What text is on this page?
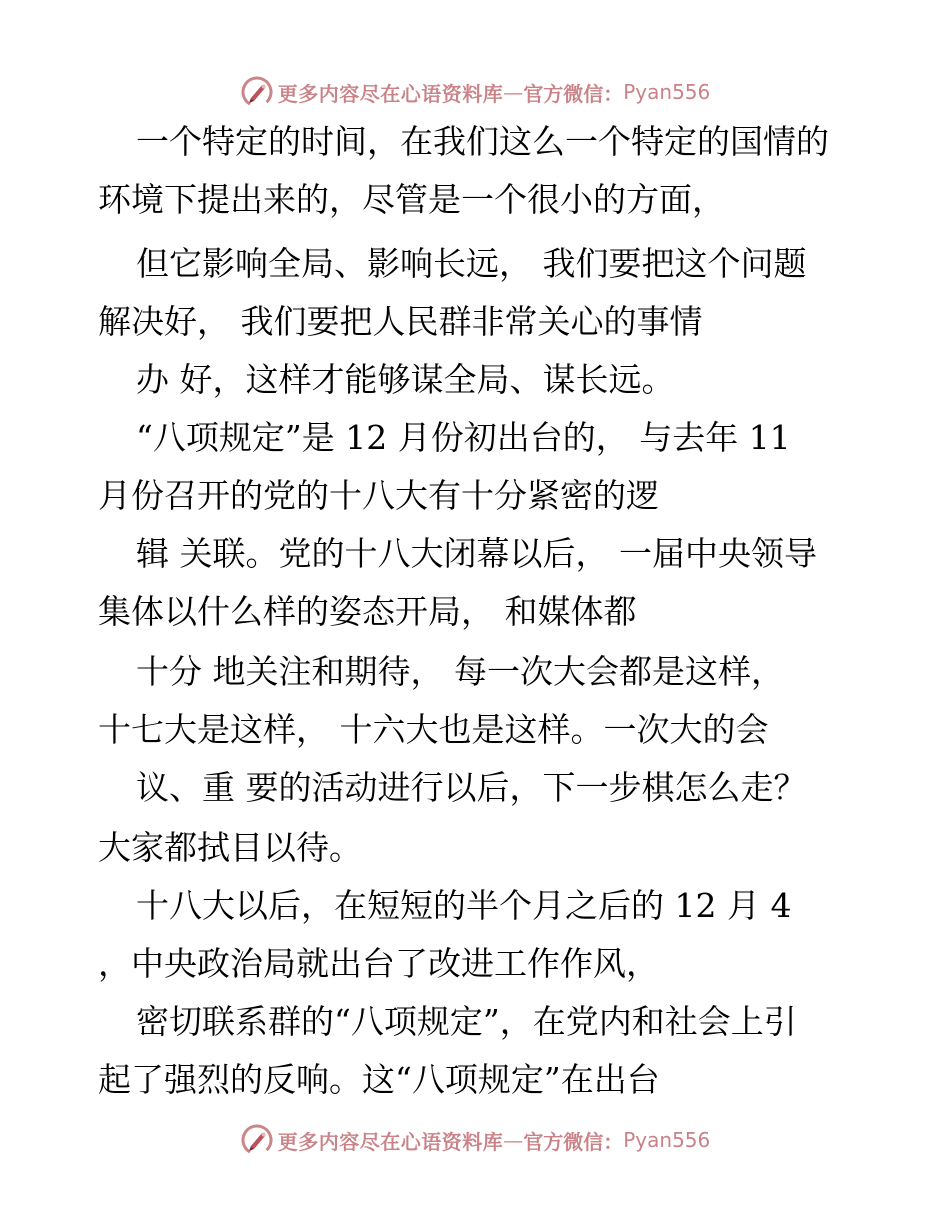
更多内容尽在心语资料库 — 官方微信： Pyan556
一个特定的时间，在我们这么一个特定的国情的
环境下提出来的，尽管是一个很小的方面，
但它影响全局、影响长远， 我们要把这个问题
解决好， 我们要把人民群非常关心的事情
办 好，这样才能够谋全局、谋长远。
“八项规定”是 12 月份初出台的， 与去年 11
月份召开的党的十八大有十分紧密的逻
辑 关联。党的十八大闭幕以后， 一届中央领导
集体以什么样的姿态开局， 和媒体都
十分 地关注和期待， 每一次大会都是这样，
十七大是这样， 十六大也是这样。一次大的会
议、重 要的活动进行以后，下一步棋怎么走？
大家都拭目以待。
十八大以后，在短短的半个月之后的 12 月 4
，中央政治局就出台了改进工作作风，
密切联系群的“八项规定”，在党内和社会上引
起了强烈的反响。这“八项规定”在出台
更多内容尽在心语资料库 — 官方微信： Pyan556
